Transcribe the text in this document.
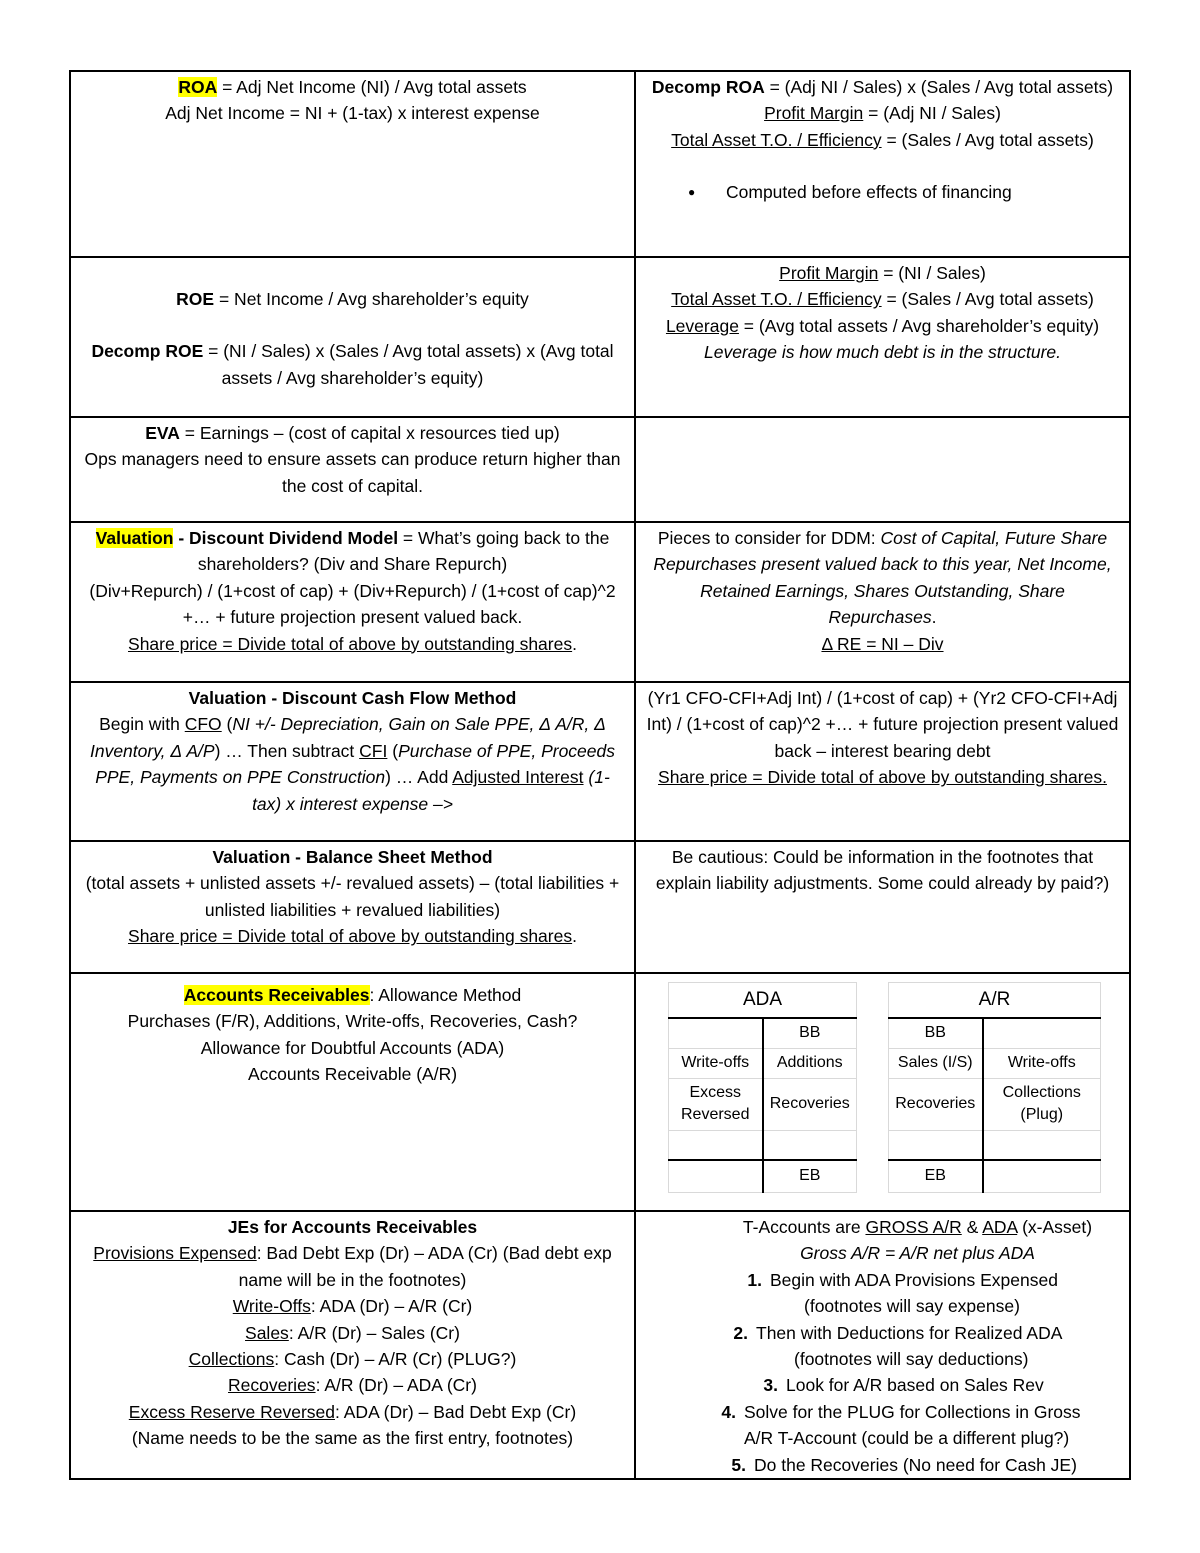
ROA = Adj Net Income (NI) / Avg total assets
Adj Net Income = NI + (1-tax) x interest expense

Decomp ROA = (Adj NI / Sales) x (Sales / Avg total assets)
Profit Margin = (Adj NI / Sales)
Total Asset T.O. / Efficiency = (Sales / Avg total assets)
● Computed before effects of financing

ROE = Net Income / Avg shareholder’s equity
Decomp ROE = (NI / Sales) x (Sales / Avg total assets) x (Avg total assets / Avg shareholder’s equity)

Profit Margin = (NI / Sales)
Total Asset T.O. / Efficiency = (Sales / Avg total assets)
Leverage = (Avg total assets / Avg shareholder’s equity)
Leverage is how much debt is in the structure.

EVA = Earnings – (cost of capital x resources tied up)
Ops managers need to ensure assets can produce return higher than the cost of capital.

Valuation - Discount Dividend Model = What’s going back to the shareholders? (Div and Share Repurch)
(Div+Repurch) / (1+cost of cap) + (Div+Repurch) / (1+cost of cap)^2 +… + future projection present valued back.
Share price = Divide total of above by outstanding shares.

Pieces to consider for DDM: Cost of Capital, Future Share Repurchases present valued back to this year, Net Income, Retained Earnings, Shares Outstanding, Share Repurchases.
Δ RE = NI – Div

Valuation - Discount Cash Flow Method
Begin with CFO (NI +/- Depreciation, Gain on Sale PPE, Δ A/R, Δ Inventory, Δ A/P) … Then subtract CFI (Purchase of PPE, Proceeds PPE, Payments on PPE Construction) … Add Adjusted Interest (1-tax) x interest expense –>

(Yr1 CFO-CFI+Adj Int) / (1+cost of cap) + (Yr2 CFO-CFI+Adj Int) / (1+cost of cap)^2 +… + future projection present valued back – interest bearing debt
Share price = Divide total of above by outstanding shares.

Valuation - Balance Sheet Method
(total assets + unlisted assets +/- revalued assets) – (total liabilities + unlisted liabilities + revalued liabilities)
Share price = Divide total of above by outstanding shares.

Be cautious: Could be information in the footnotes that explain liability adjustments. Some could already by paid?)

Accounts Receivables: Allowance Method
Purchases (F/R), Additions, Write-offs, Recoveries, Cash?
Allowance for Doubtful Accounts (ADA)
Accounts Receivable (A/R)

ADA		A/R
	BB		BB	
Write-offs	Additions		Sales (I/S)	Write-offs
Excess Reversed	Recoveries		Recoveries	Collections (Plug)

	EB		EB	

JEs for Accounts Receivables
Provisions Expensed: Bad Debt Exp (Dr) – ADA (Cr) (Bad debt exp name will be in the footnotes)
Write-Offs: ADA (Dr) – A/R (Cr)
Sales: A/R (Dr) – Sales (Cr)
Collections: Cash (Dr) – A/R (Cr) (PLUG?)
Recoveries: A/R (Dr) – ADA (Cr)
Excess Reserve Reversed: ADA (Dr) – Bad Debt Exp (Cr)
(Name needs to be the same as the first entry, footnotes)

T-Accounts are GROSS A/R & ADA (x-Asset)
Gross A/R = A/R net plus ADA
1. Begin with ADA Provisions Expensed
(footnotes will say expense)
2. Then with Deductions for Realized ADA
(footnotes will say deductions)
3. Look for A/R based on Sales Rev
4. Solve for the PLUG for Collections in Gross
A/R T-Account (could be a different plug?)
5. Do the Recoveries (No need for Cash JE)
